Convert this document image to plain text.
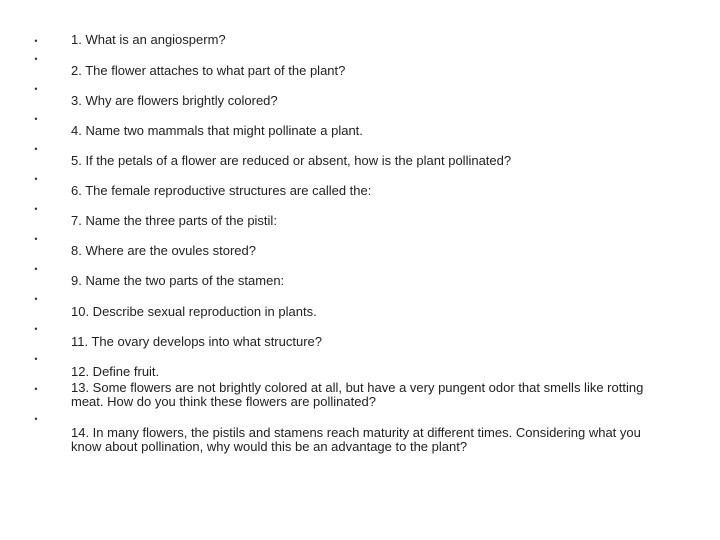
•
•
•
•
•
•
•
•
•
•
•
•
•
•
1. What is an angiosperm?
2. The flower attaches to what part of the plant?
3. Why are flowers brightly colored?
4. Name two mammals that might pollinate a plant.
5. If the petals of a flower are reduced or absent, how is the plant pollinated?
6. The female reproductive structures are called the:
7. Name the three parts of the pistil:
8. Where are the ovules stored?
9. Name the two parts of the stamen:
10. Describe sexual reproduction in plants.
11. The ovary develops into what structure?
12. Define fruit.
13. Some flowers are not brightly colored at all, but have a very pungent odor that smells like rotting meat. How do you think these flowers are pollinated?
14. In many flowers, the pistils and stamens reach maturity at different times. Considering what you know about pollination, why would this be an advantage to the plant?
